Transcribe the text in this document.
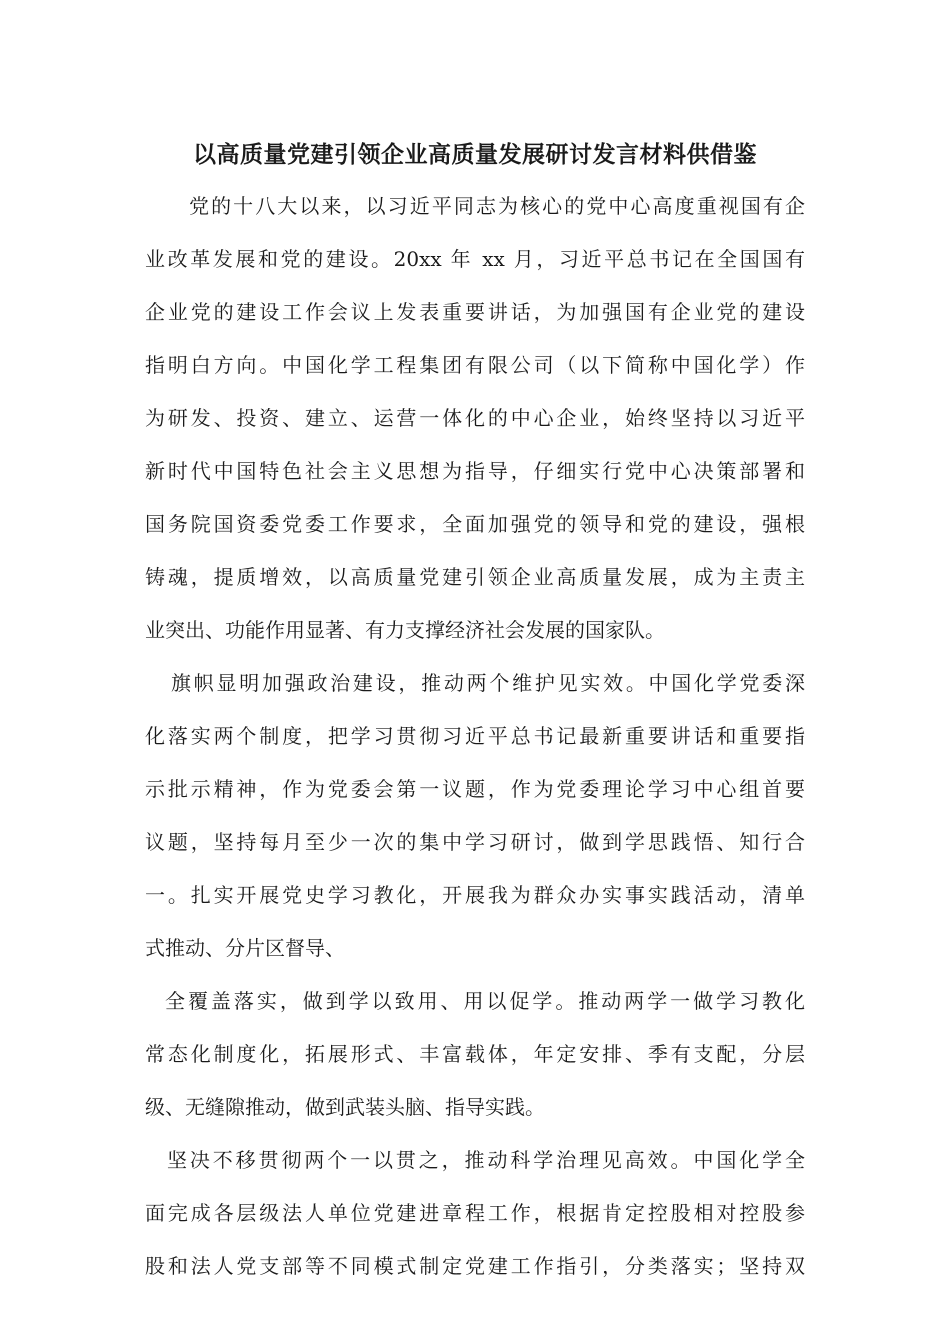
以高质量党建引领企业高质量发展研讨发言材料供借鉴
党的十八大以来，以习近平同志为核心的党中心高度重视国有企
业改革发展和党的建设。20xx 年 xx 月，习近平总书记在全国国有
企业党的建设工作会议上发表重要讲话，为加强国有企业党的建设
指明白方向。中国化学工程集团有限公司（以下简称中国化学）作
为研发、投资、建立、运营一体化的中心企业，始终坚持以习近平
新时代中国特色社会主义思想为指导，仔细实行党中心决策部署和
国务院国资委党委工作要求，全面加强党的领导和党的建设，强根
铸魂，提质增效，以高质量党建引领企业高质量发展，成为主责主
业突出、功能作用显著、有力支撑经济社会发展的国家队。
旗帜显明加强政治建设，推动两个维护见实效。中国化学党委深
化落实两个制度，把学习贯彻习近平总书记最新重要讲话和重要指
示批示精神，作为党委会第一议题，作为党委理论学习中心组首要
议题，坚持每月至少一次的集中学习研讨，做到学思践悟、知行合
一。扎实开展党史学习教化，开展我为群众办实事实践活动，清单
式推动、分片区督导、
全覆盖落实，做到学以致用、用以促学。推动两学一做学习教化
常态化制度化，拓展形式、丰富载体，年定安排、季有支配，分层
级、无缝隙推动，做到武装头脑、指导实践。
坚决不移贯彻两个一以贯之，推动科学治理见高效。中国化学全
面完成各层级法人单位党建进章程工作，根据肯定控股相对控股参
股和法人党支部等不同模式制定党建工作指引，分类落实；坚持双
